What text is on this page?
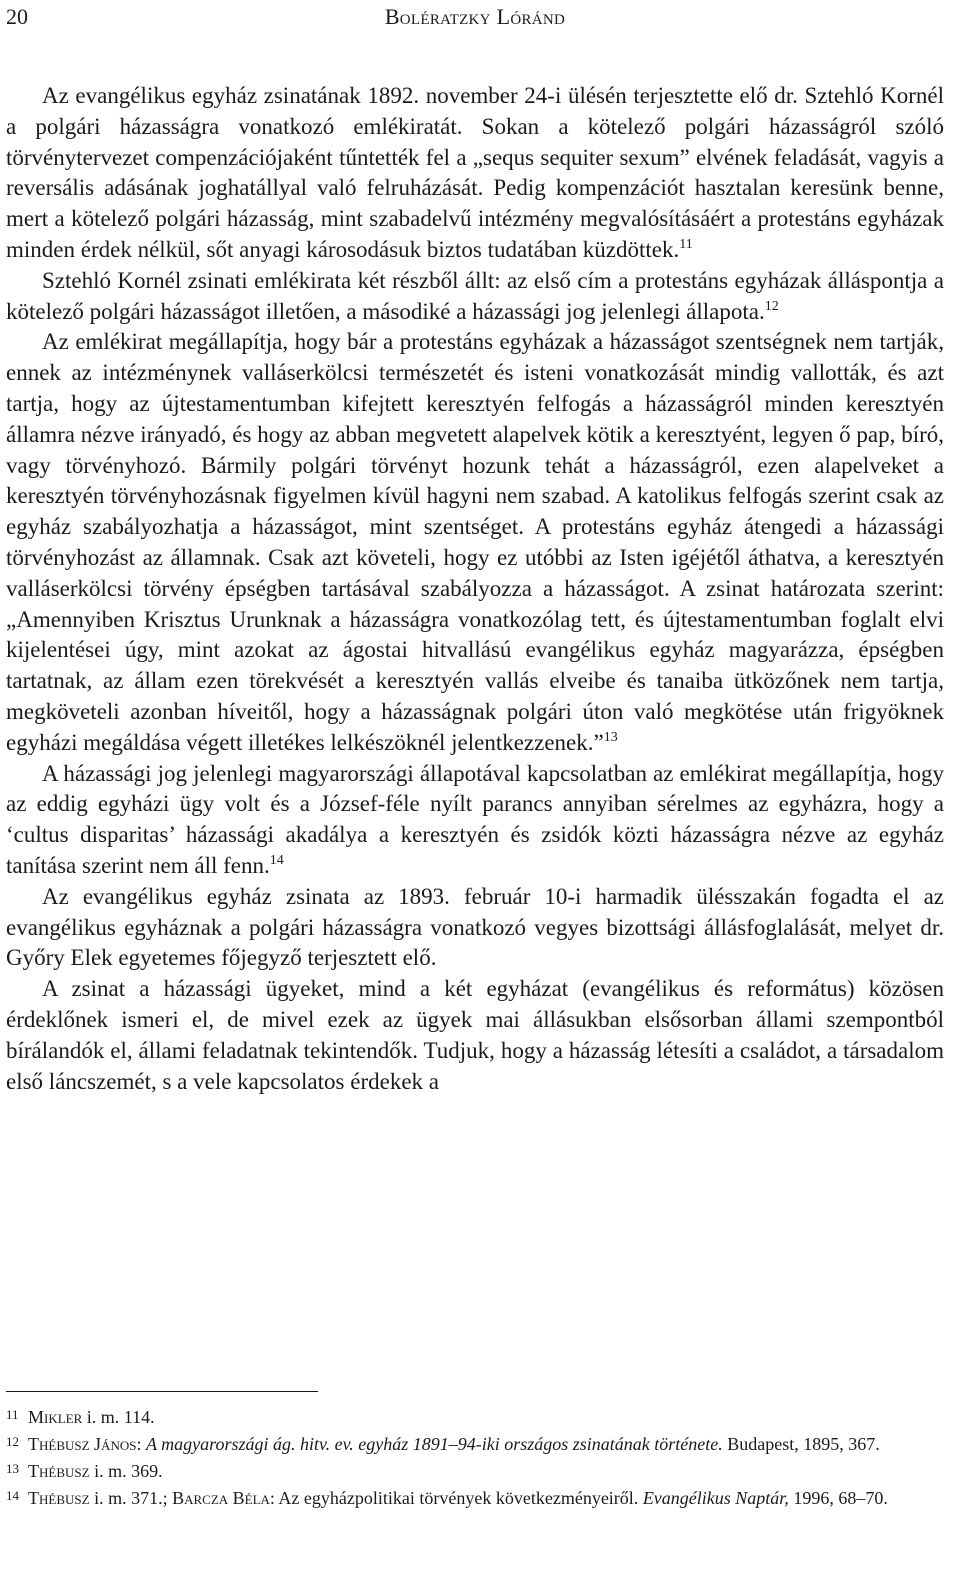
20	Bolératzky Lóránd

Az evangélikus egyház zsinatának 1892. november 24-i ülésén terjesztette elő dr. Sztehló Kornél a polgári házasságra vonatkozó emlékiratát. Sokan a kötelező polgári házasságról szóló törvénytervezet compenzációjaként tűntették fel a „sequs sequiter sexum” elvének feladását, vagyis a reversális adásának joghatállyal való felruházását. Pedig kompenzációt hasztalan keresünk benne, mert a kötelező polgári házasság, mint szabadelvű intézmény megvalósításáért a protestáns egyházak minden érdek nélkül, sőt anyagi károsodásuk biztos tudatában küzdöttek.$^{11}$

Sztehló Kornél zsinati emlékirata két részből állt: az első cím a protestáns egyházak álláspontja a kötelező polgári házasságot illetően, a másodiké a házassági jog jelenlegi állapota.$^{12}$

Az emlékirat megállapítja, hogy bár a protestáns egyházak a házasságot szentségnek nem tartják, ennek az intézménynek valláserkölcsi természetét és isteni vonatkozását mindig vallották, és azt tartja, hogy az újtestamentumban kifejtett keresztyén felfogás a házasságról minden keresztyén államra nézve irányadó, és hogy az abban megvetett alapelvek kötik a keresztyént, legyen ő pap, bíró, vagy törvényhozó. Bármily polgári törvényt hozunk tehát a házasságról, ezen alapelveket a keresztyén törvényhozásnak figyelmen kívül hagyni nem szabad. A katolikus felfogás szerint csak az egyház szabályozhatja a házasságot, mint szentséget. A protestáns egyház átengedi a házassági törvényhozást az államnak. Csak azt követeli, hogy ez utóbbi az Isten igéjétől áthatva, a keresztyén valláserkölcsi törvény épségben tartásával szabályozza a házasságot. A zsinat határozata szerint: „Amennyiben Krisztus Urunknak a házasságra vonatkozólag tett, és újtestamentumban foglalt elvi kijelentései úgy, mint azokat az ágostai hitvallású evangélikus egyház magyarázza, épségben tartatnak, az állam ezen törekvését a keresztyén vallás elveibe és tanaiba ütközőnek nem tartja, megköveteli azonban híveitől, hogy a házasságnak polgári úton való megkötése után frigyöknek egyházi megáldása végett illetékes lelkészöknél jelentkezzenek.”$^{13}$

A házassági jog jelenlegi magyarországi állapotával kapcsolatban az emlékirat megállapítja, hogy az eddig egyházi ügy volt és a József-féle nyílt parancs annyiban sérelmes az egyházra, hogy a ‘cultus disparitas’ házassági akadálya a keresztyén és zsidók közti házasságra nézve az egyház tanítása szerint nem áll fenn.$^{14}$

Az evangélikus egyház zsinata az 1893. február 10-i harmadik ülésszakán fogadta el az evangélikus egyháznak a polgári házasságra vonatkozó vegyes bizottsági állásfoglalását, melyet dr. Győry Elek egyetemes főjegyző terjesztett elő.

A zsinat a házassági ügyeket, mind a két egyházat (evangélikus és református) közösen érdeklőnek ismeri el, de mivel ezek az ügyek mai állásukban elsősorban állami szempontból bírálandók el, állami feladatnak tekintendők. Tudjuk, hogy a házasság létesíti a családot, a társadalom első láncszemét, s a vele kapcsolatos érdekek a

11 Mikler i. m. 114.
12 Thébusz János: A magyarországi ág. hitv. ev. egyház 1891–94-iki országos zsinatának története. Budapest, 1895, 367.
13 Thébusz i. m. 369.
14 Thébusz i. m. 371.; Barcza Béla: Az egyházpolitikai törvények következményeiről. Evangélikus Naptár, 1996, 68–70.
